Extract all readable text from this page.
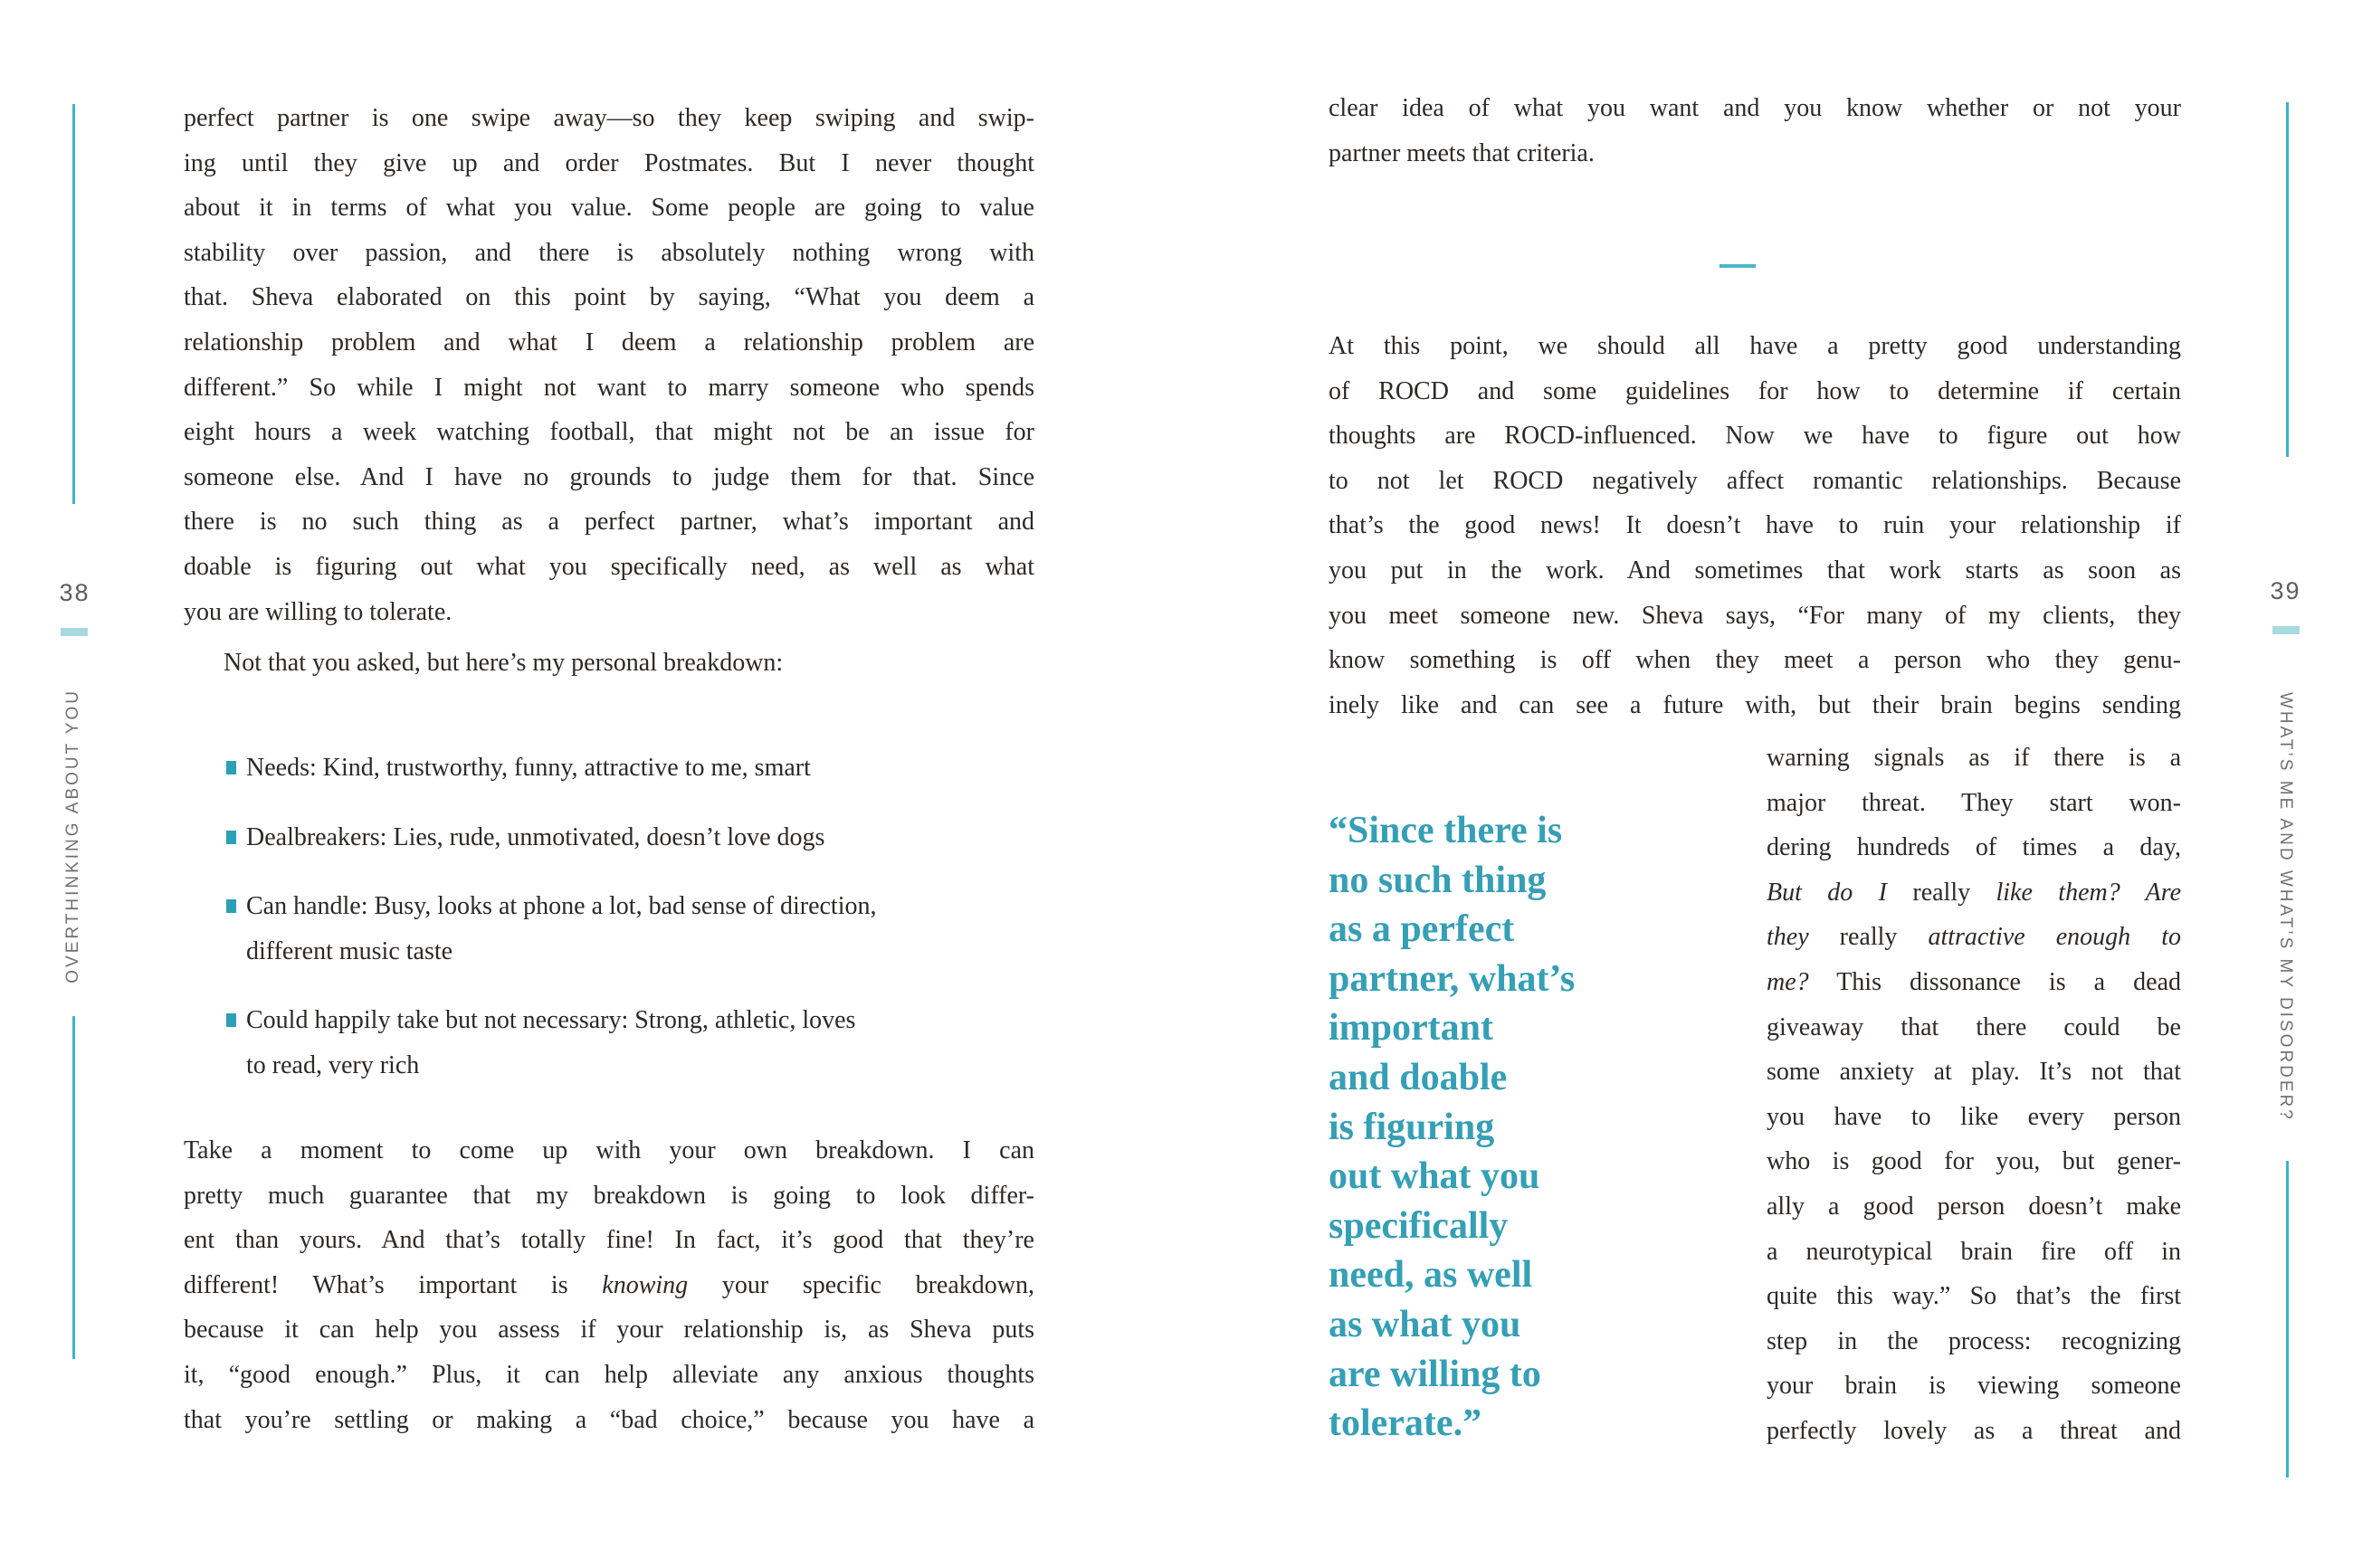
38
OVERTHINKING ABOUT YOU
perfect partner is one swipe away—so they keep swiping and swip-
ing until they give up and order Postmates. But I never thought
about it in terms of what you value. Some people are going to value
stability over passion, and there is absolutely nothing wrong with
that. Sheva elaborated on this point by saying, “What you deem a
relationship problem and what I deem a relationship problem are
different.” So while I might not want to marry someone who spends
eight hours a week watching football, that might not be an issue for
someone else. And I have no grounds to judge them for that. Since
there is no such thing as a perfect partner, what’s important and
doable is figuring out what you specifically need, as well as what
you are willing to tolerate.
Not that you asked, but here’s my personal breakdown:
Needs: Kind, trustworthy, funny, attractive to me, smart
Dealbreakers: Lies, rude, unmotivated, doesn’t love dogs
Can handle: Busy, looks at phone a lot, bad sense of direction,
different music taste
Could happily take but not necessary: Strong, athletic, loves
to read, very rich
Take a moment to come up with your own breakdown. I can
pretty much guarantee that my breakdown is going to look differ-
ent than yours. And that’s totally fine! In fact, it’s good that they’re
different! What’s important is knowing your specific breakdown,
because it can help you assess if your relationship is, as Sheva puts
it, “good enough.” Plus, it can help alleviate any anxious thoughts
that you’re settling or making a “bad choice,” because you have a
clear idea of what you want and you know whether or not your
partner meets that criteria.
At this point, we should all have a pretty good understanding
of ROCD and some guidelines for how to determine if certain
thoughts are ROCD-influenced. Now we have to figure out how
to not let ROCD negatively affect romantic relationships. Because
that’s the good news! It doesn’t have to ruin your relationship if
you put in the work. And sometimes that work starts as soon as
you meet someone new. Sheva says, “For many of my clients, they
know something is off when they meet a person who they genu-
inely like and can see a future with, but their brain begins sending
“Since there is
no such thing
as a perfect
partner, what’s
important
and doable
is figuring
out what you
specifically
need, as well
as what you
are willing to
tolerate.”
warning signals as if there is a
major threat. They start won-
dering hundreds of times a day,
But do I really like them? Are
they really attractive enough to
me? This dissonance is a dead
giveaway that there could be
some anxiety at play. It’s not that
you have to like every person
who is good for you, but gener-
ally a good person doesn’t make
a neurotypical brain fire off in
quite this way.” So that’s the first
step in the process: recognizing
your brain is viewing someone
perfectly lovely as a threat and
39
WHAT’S ME AND WHAT’S MY DISORDER?
